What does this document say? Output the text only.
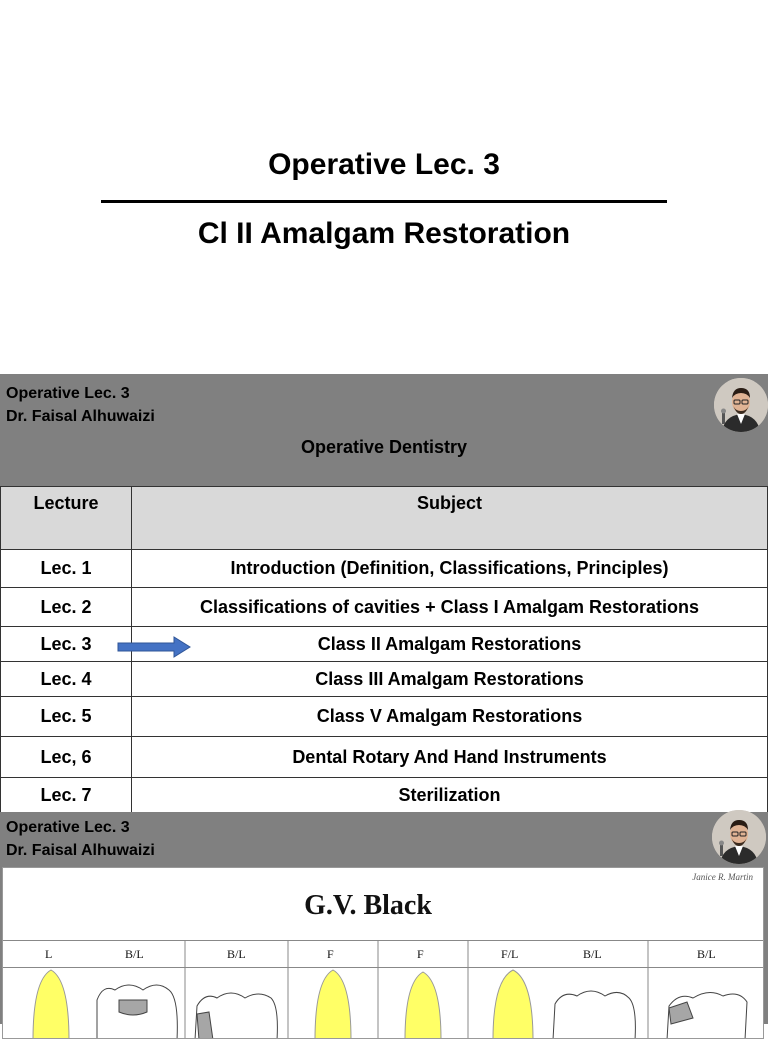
Operative Lec. 3
Cl II Amalgam Restoration
Operative Lec. 3
Dr. Faisal Alhuwaizi
Operative Dentistry
Lecture	Subject
Lec. 1	Introduction (Definition, Classifications, Principles)
Lec. 2	Classifications of cavities + Class I Amalgam Restorations
Lec. 3	Class II Amalgam Restorations
Lec. 4	Class III Amalgam Restorations
Lec. 5	Class V Amalgam Restorations
Lec, 6	Dental Rotary And Hand Instruments
Lec. 7	Sterilization
Operative Lec. 3
Dr. Faisal Alhuwaizi
Janice R. Martin
G.V. Black
L	B/L	B/L	F	F	F/L	B/L	B/L
